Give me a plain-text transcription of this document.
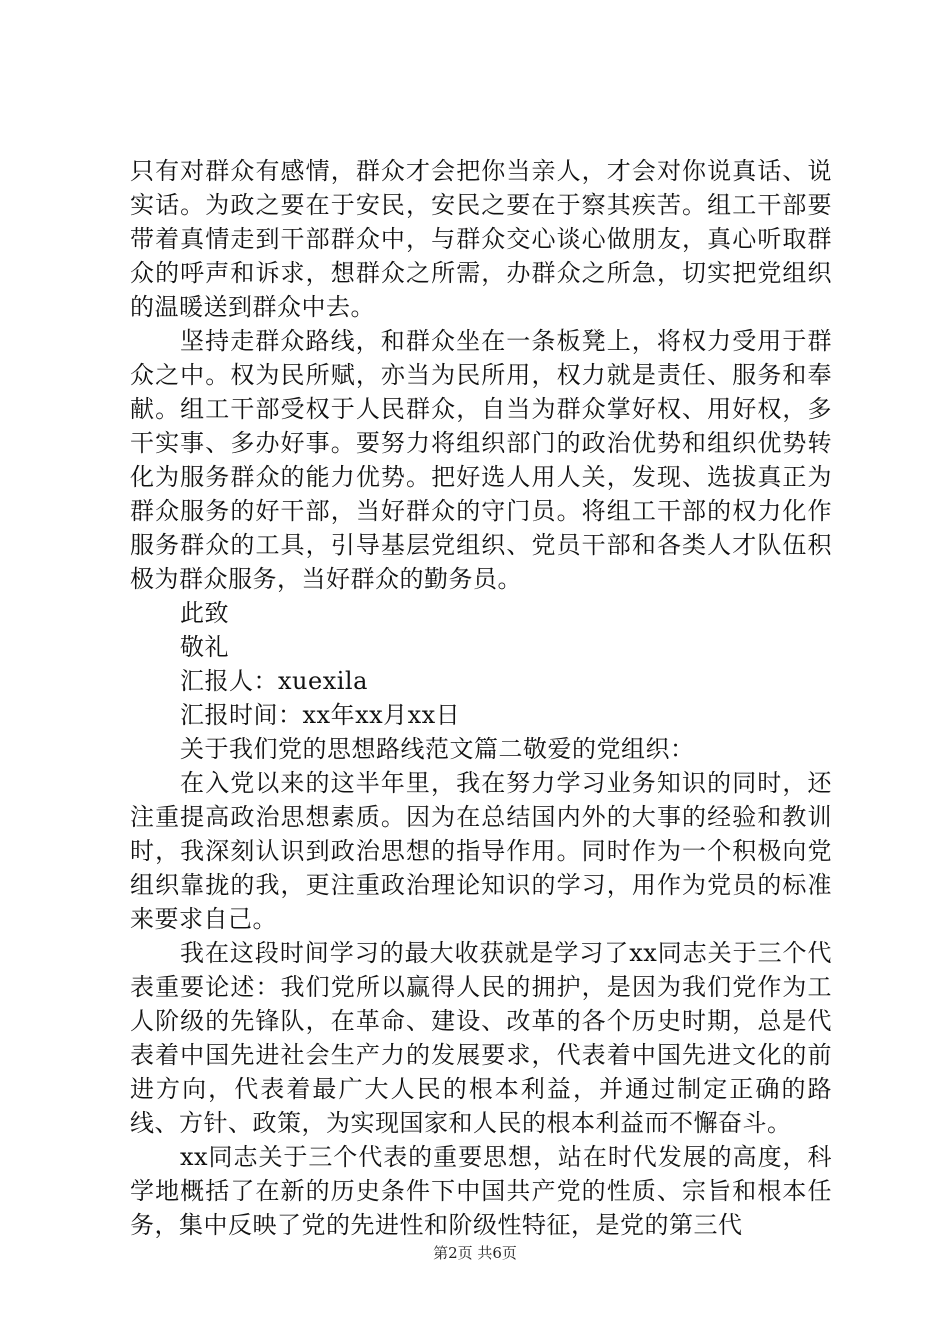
只有对群众有感情，群众才会把你当亲人，才会对你说真话、说实话。为政之要在于安民，安民之要在于察其疾苦。组工干部要带着真情走到干部群众中，与群众交心谈心做朋友，真心听取群众的呼声和诉求，想群众之所需，办群众之所急，切实把党组织的温暖送到群众中去。

坚持走群众路线，和群众坐在一条板凳上，将权力受用于群众之中。权为民所赋，亦当为民所用，权力就是责任、服务和奉献。组工干部受权于人民群众，自当为群众掌好权、用好权，多干实事、多办好事。要努力将组织部门的政治优势和组织优势转化为服务群众的能力优势。把好选人用人关，发现、选拔真正为群众服务的好干部，当好群众的守门员。将组工干部的权力化作服务群众的工具，引导基层党组织、党员干部和各类人才队伍积极为群众服务，当好群众的勤务员。

此致

敬礼

汇报人：xuexila

汇报时间：xx年xx月xx日

关于我们党的思想路线范文篇二敬爱的党组织：

在入党以来的这半年里，我在努力学习业务知识的同时，还注重提高政治思想素质。因为在总结国内外的大事的经验和教训时，我深刻认识到政治思想的指导作用。同时作为一个积极向党组织靠拢的我，更注重政治理论知识的学习，用作为党员的标准来要求自己。

我在这段时间学习的最大收获就是学习了xx同志关于三个代表重要论述：我们党所以赢得人民的拥护，是因为我们党作为工人阶级的先锋队，在革命、建设、改革的各个历史时期，总是代表着中国先进社会生产力的发展要求，代表着中国先进文化的前进方向，代表着最广大人民的根本利益，并通过制定正确的路线、方针、政策，为实现国家和人民的根本利益而不懈奋斗。

xx同志关于三个代表的重要思想，站在时代发展的高度，科学地概括了在新的历史条件下中国共产党的性质、宗旨和根本任务，集中反映了党的先进性和阶级性特征，是党的第三代

第2页 共6页
